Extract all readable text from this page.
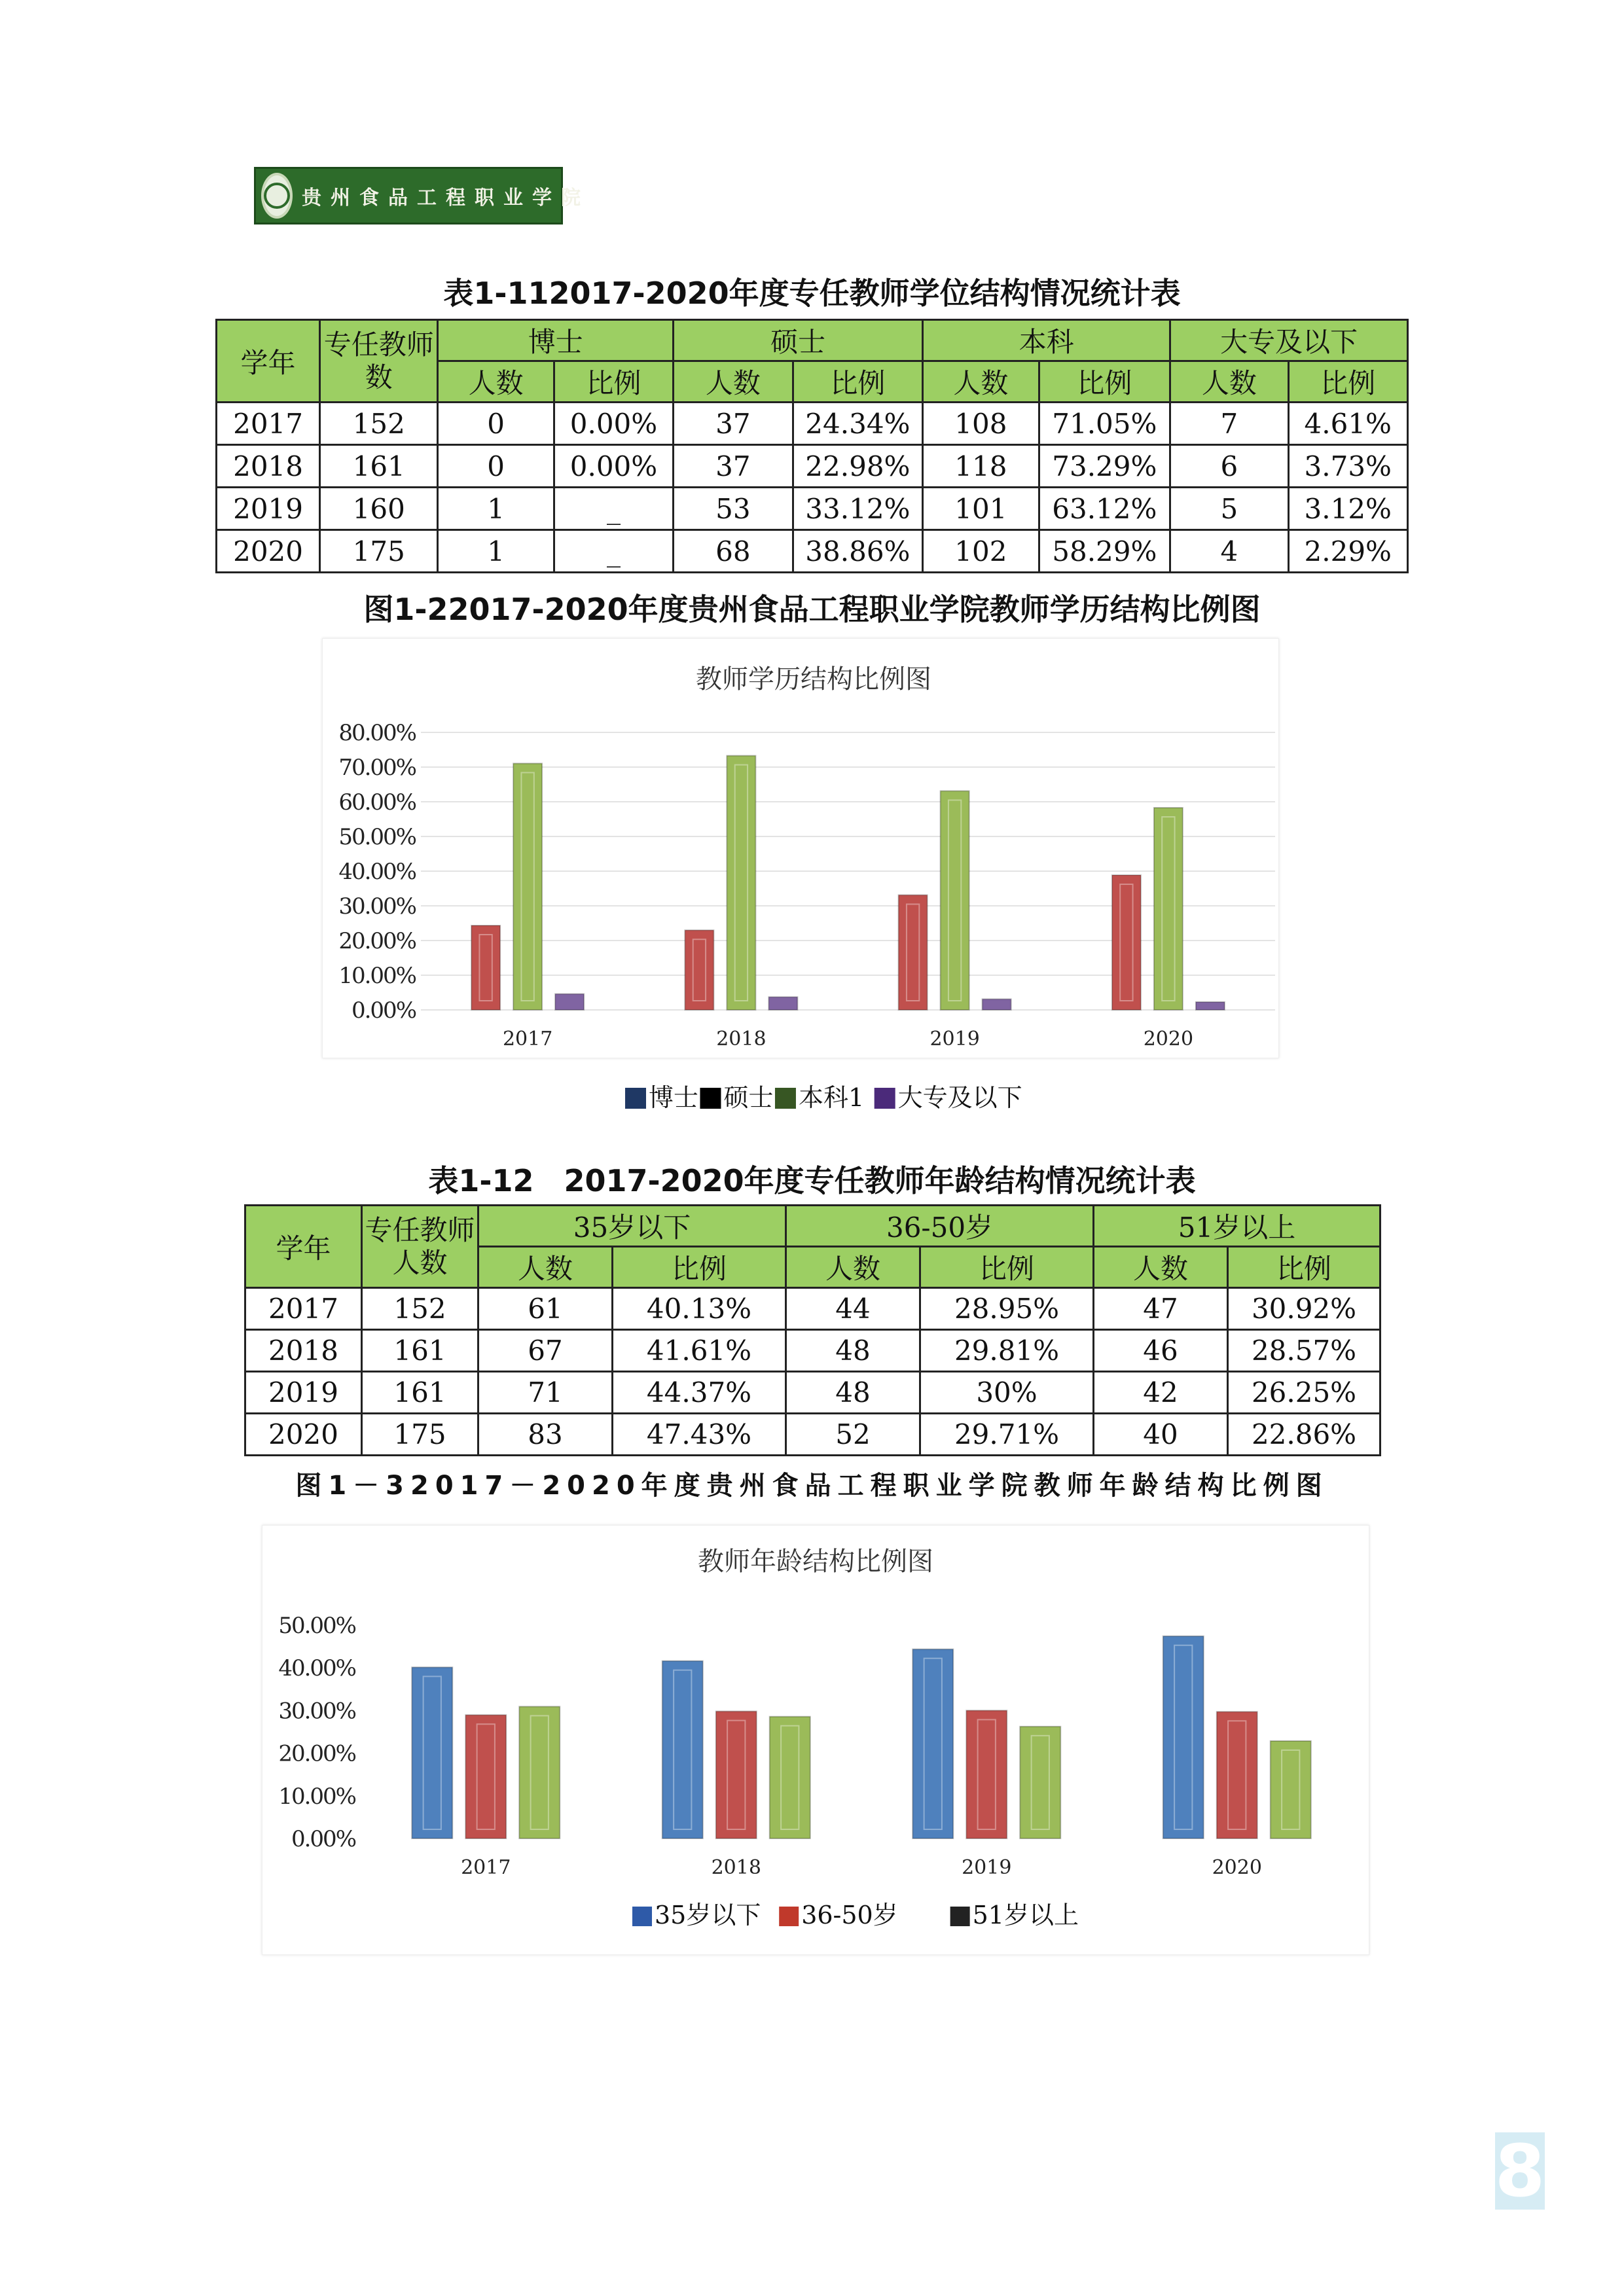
贵州食品工程职业学院
表1-112017-2020年度专任教师学位结构情况统计表
学年	专任教师数	博士		硕士		本科		大专及以下	
		人数	比例	人数	比例	人数	比例	人数	比例
2017	152	0	0.00%	37	24.34%	108	71.05%	7	4.61%
2018	161	0	0.00%	37	22.98%	118	73.29%	6	3.73%
2019	160	1	_	53	33.12%	101	63.12%	5	3.12%
2020	175	1	_	68	38.86%	102	58.29%	4	2.29%
图1-22017-2020年度贵州食品工程职业学院教师学历结构比例图
教师学历结构比例图
0.00%
10.00%
20.00%
30.00%
40.00%
50.00%
60.00%
70.00%
80.00%
2017	2018	2019	2020
博士 硕士 本科1 大专及以下
表1-12　2017-2020年度专任教师年龄结构情况统计表
学年	专任教师人数	35岁以下		36-50岁		51岁以上	
		人数	比例	人数	比例	人数	比例
2017	152	61	40.13%	44	28.95%	47	30.92%
2018	161	67	41.61%	48	29.81%	46	28.57%
2019	161	71	44.37%	48	30%	42	26.25%
2020	175	83	47.43%	52	29.71%	40	22.86%
图1－32017－2020年度贵州食品工程职业学院教师年龄结构比例图
教师年龄结构比例图
0.00%
10.00%
20.00%
30.00%
40.00%
50.00%
2017	2018	2019	2020
35岁以下 36-50岁	51岁以上
8
